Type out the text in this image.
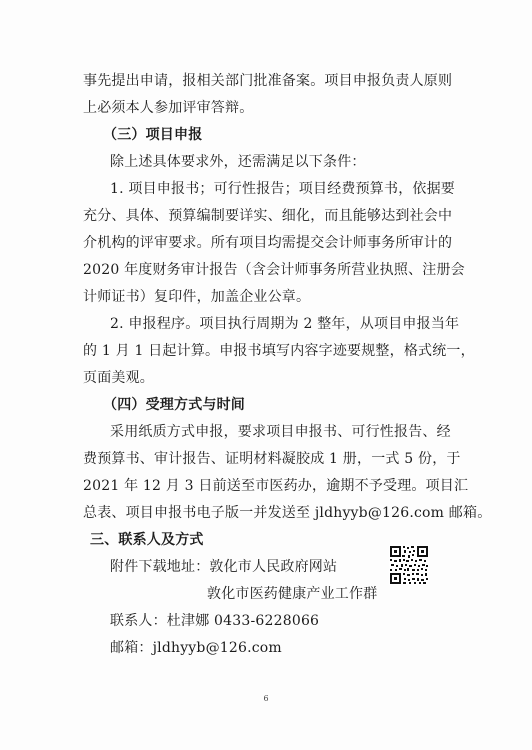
事先提出申请，报相关部门批准备案。项目申报负责人原则
上必须本人参加评审答辩。
（三）项目申报
除上述具体要求外，还需满足以下条件：
1. 项目申报书；可行性报告；项目经费预算书，依据要
充分、具体、预算编制要详实、细化，而且能够达到社会中
介机构的评审要求。所有项目均需提交会计师事务所审计的
2020 年度财务审计报告（含会计师事务所营业执照、注册会
计师证书）复印件，加盖企业公章。
2. 申报程序。项目执行周期为 2 整年，从项目申报当年
的 1 月 1 日起计算。申报书填写内容字迹要规整，格式统一，
页面美观。
（四）受理方式与时间
采用纸质方式申报，要求项目申报书、可行性报告、经
费预算书、审计报告、证明材料凝胶成 1 册，一式 5 份，于
2021 年 12 月 3 日前送至市医药办，逾期不予受理。项目汇
总表、项目申报书电子版一并发送至 jldhyyb@126.com 邮箱。
三、联系人及方式
附件下载地址：敦化市人民政府网站
敦化市医药健康产业工作群
联系人：杜津娜 0433-6228066
邮箱：jldhyyb@126.com
6
